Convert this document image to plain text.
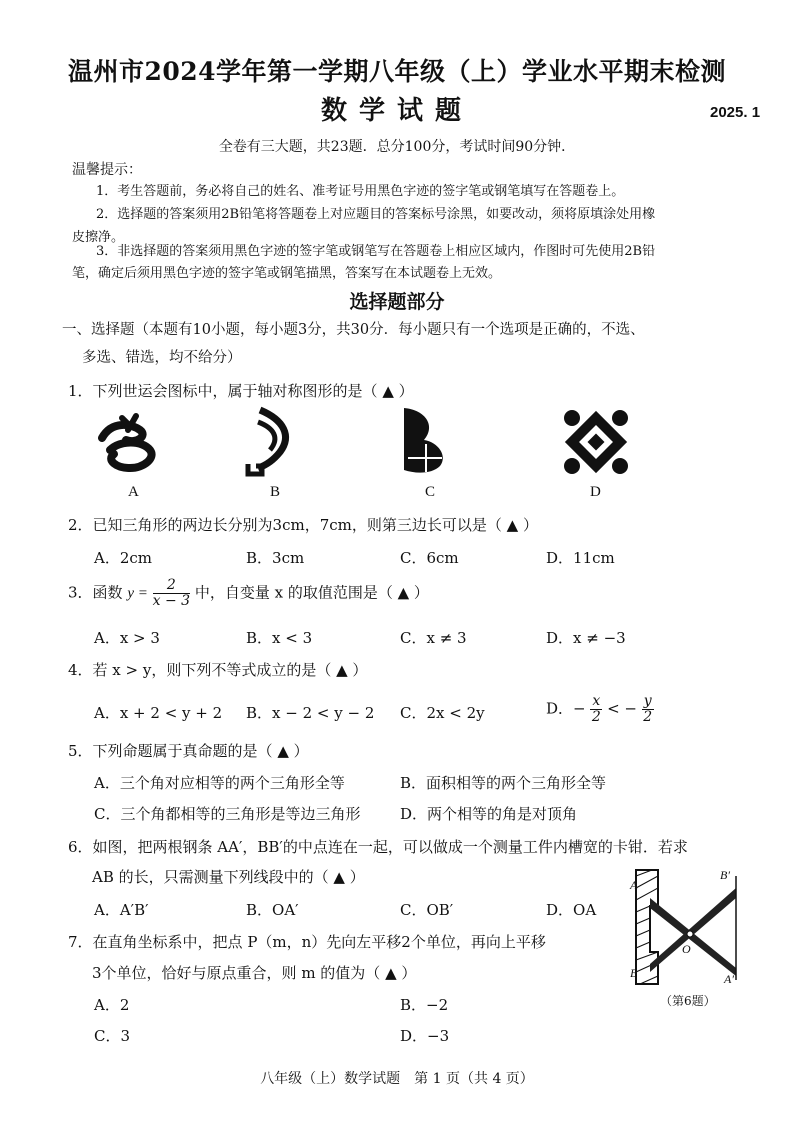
温州市2024学年第一学期八年级（上）学业水平期末检测
数学试题	2025. 1
全卷有三大题，共23题．总分100分，考试时间90分钟．
温馨提示：
1．考生答题前，务必将自己的姓名、准考证号用黑色字迹的签字笔或钢笔填写在答题卷上。
2．选择题的答案须用2B铅笔将答题卷上对应题目的答案标号涂黑，如要改动，须将原填涂处用橡
皮擦净。
3．非选择题的答案须用黑色字迹的签字笔或钢笔写在答题卷上相应区域内，作图时可先使用2B铅
笔，确定后须用黑色字迹的签字笔或钢笔描黑，答案写在本试题卷上无效。
选择题部分
一、选择题（本题有10小题，每小题3分，共30分．每小题只有一个选项是正确的，不选、
多选、错选，均不给分）
1．下列世运会图标中，属于轴对称图形的是（ ▲ ）
A	B	C	D
2．已知三角形的两边长分别为3cm，7cm，则第三边长可以是（ ▲ ）
A．2cm	B．3cm	C．6cm	D．11cm
3．函数 $y = \frac{2}{x - 3}$ 中，自变量 x 的取值范围是（ ▲ ）
A．x > 3	B．x < 3	C．x ≠ 3	D．x ≠ −3
4．若 x > y，则下列不等式成立的是（ ▲ ）
A．x + 2 < y + 2 B．x − 2 < y − 2 C．2x < 2y	D．− $\frac{x}{2}$ < − $\frac{y}{2}$
5．下列命题属于真命题的是（ ▲ ）
A．三个角对应相等的两个三角形全等	B．面积相等的两个三角形全等
C．三个角都相等的三角形是等边三角形	D．两个相等的角是对顶角
6．如图，把两根钢条 AA′，BB′的中点连在一起，可以做成一个测量工件内槽宽的卡钳．若求
AB 的长，只需测量下列线段中的（ ▲ ）
A．A′B′	B．OA′	C．OB′	D．OA
A
B
O
A′
B′
（第6题）
7．在直角坐标系中，把点 P（m，n）先向左平移2个单位，再向上平移
3个单位，恰好与原点重合，则 m 的值为（ ▲ ）
A．2	B．−2
C．3	D．−3
八年级（上）数学试题　第 1 页（共 4 页）
